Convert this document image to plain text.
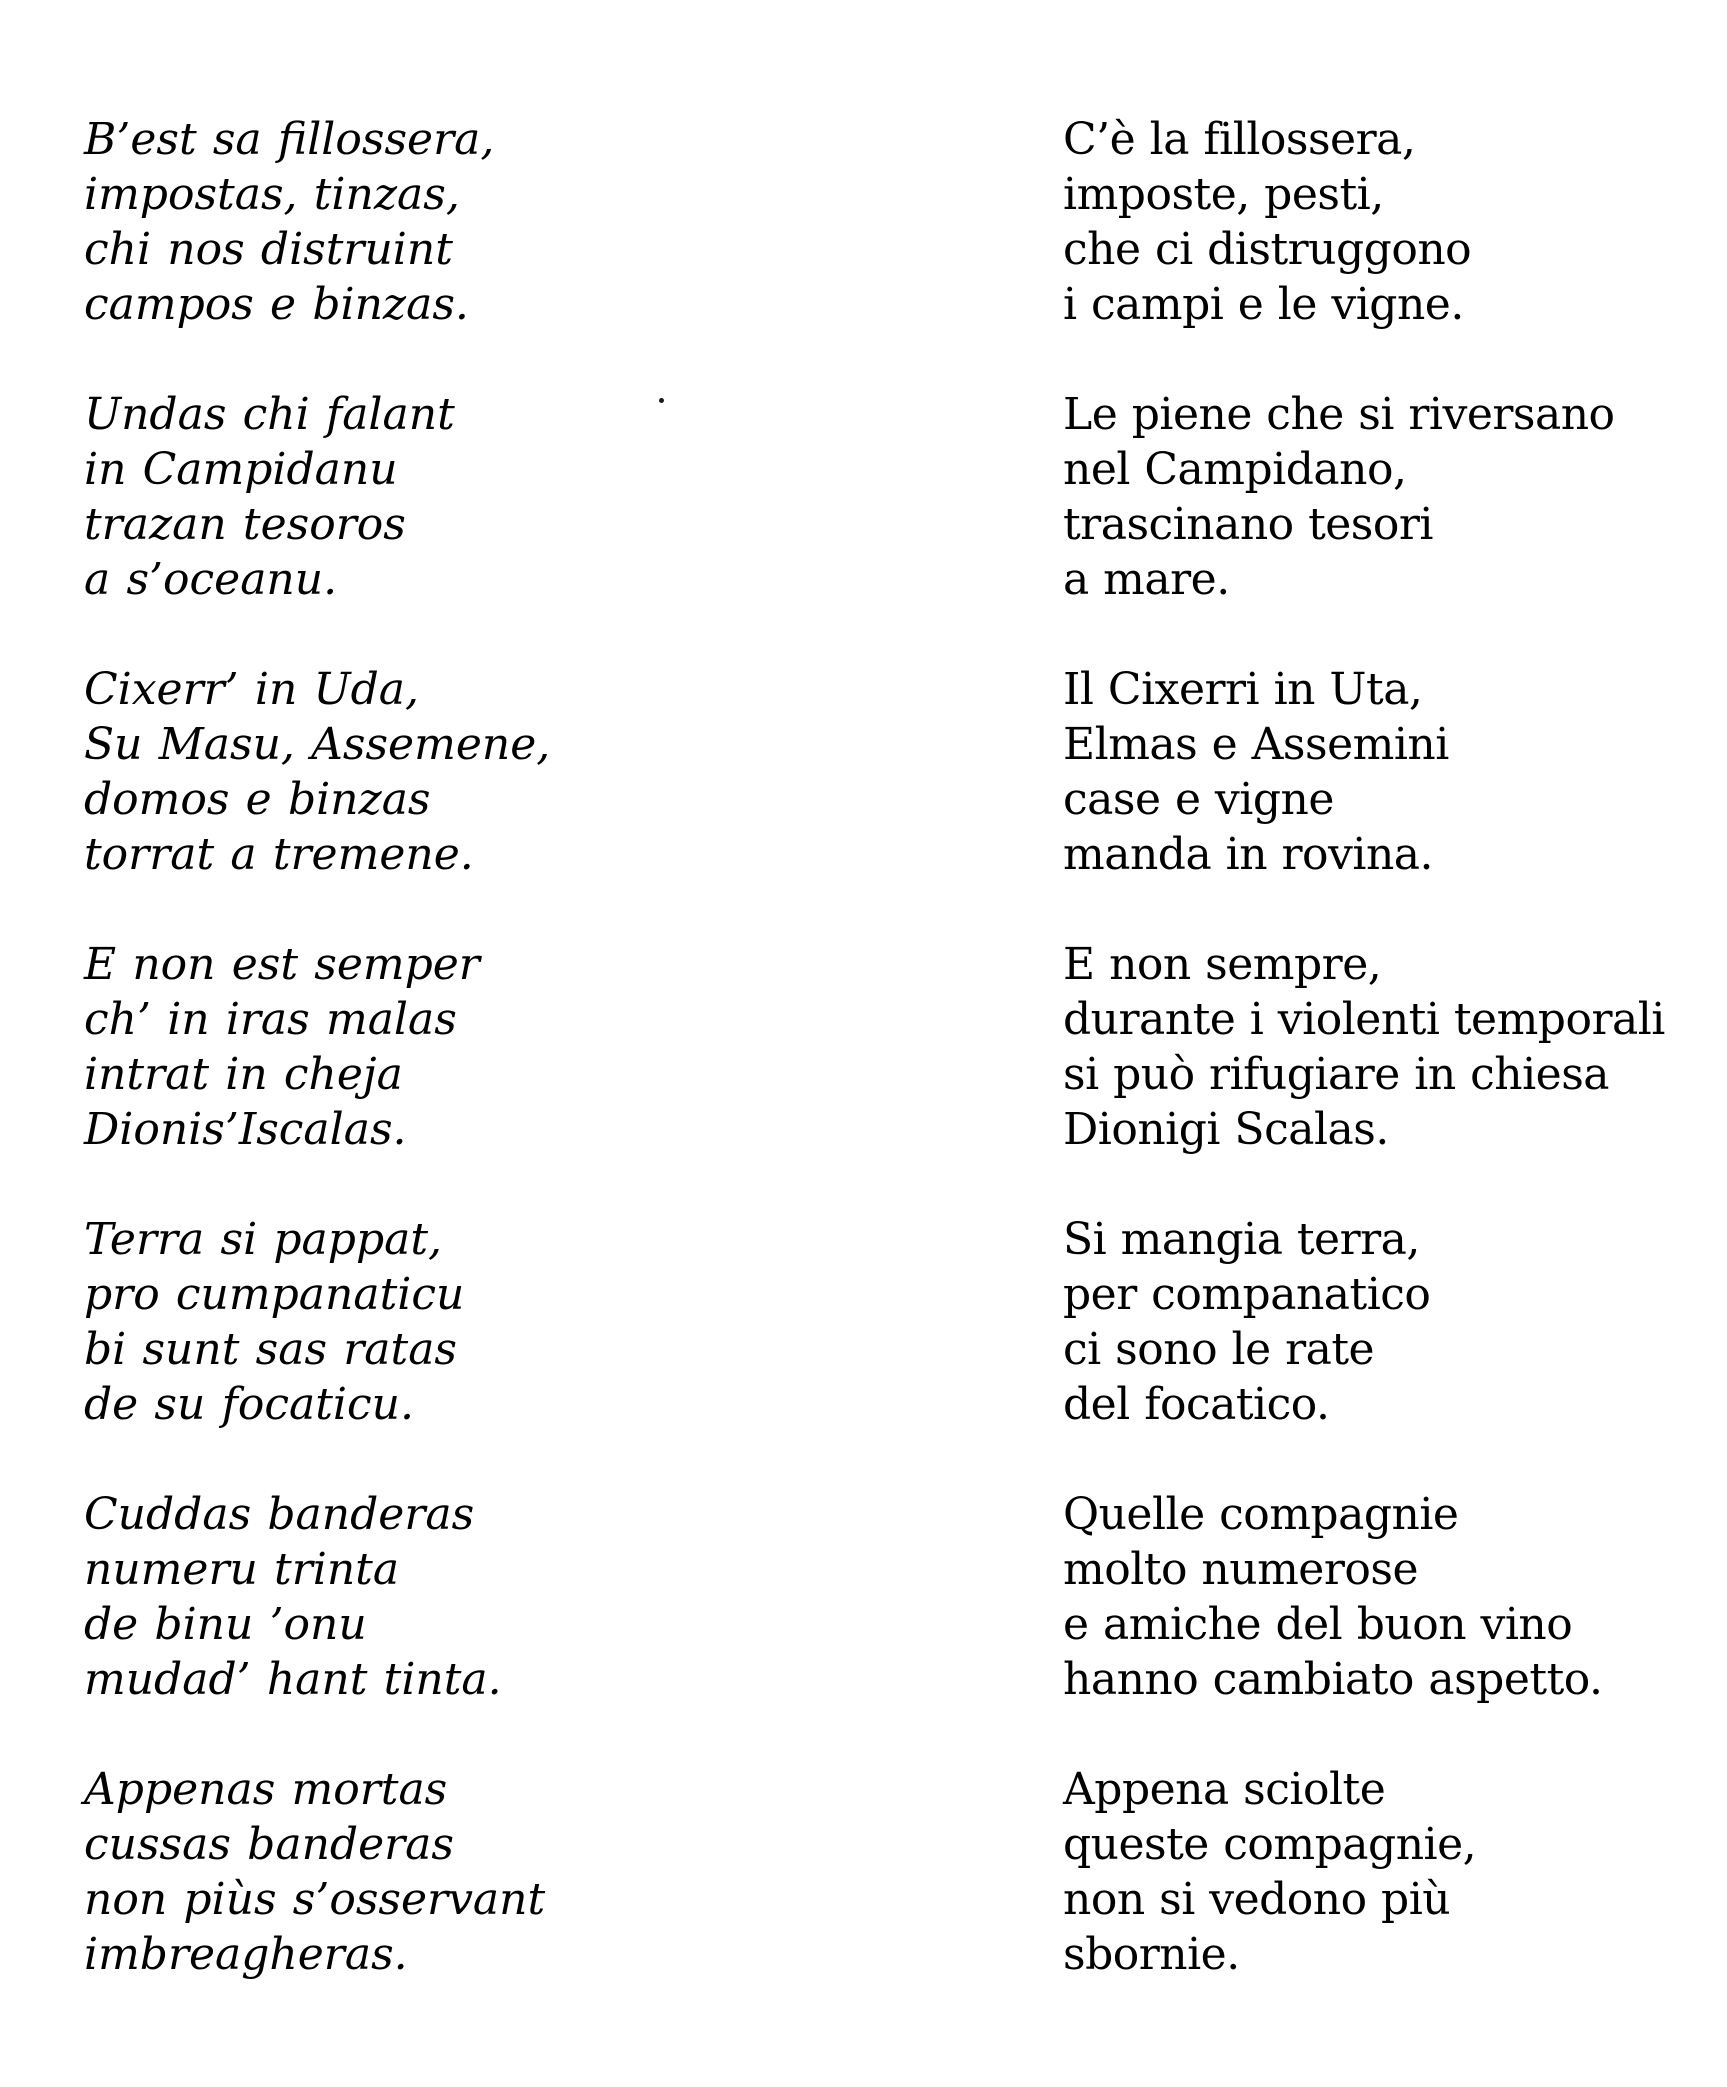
B’est sa fillossera,

impostas, tinzas,

chi nos distruint

campos e binzas.

Undas chi falant

in Campidanu

trazan tesoros

a s’oceanu.

Cixerr’ in Uda,

Su Masu, Assemene,

domos e binzas

torrat a tremene.

E non est semper

ch’ in iras malas

intrat in cheja

Dionis’Iscalas.

Terra si pappat,

pro cumpanaticu

bi sunt sas ratas

de su focaticu.

Cuddas banderas

numeru trinta

de binu ’onu

mudad’ hant tinta.

Appenas mortas

cussas banderas

non piùs s’osservant

imbreagheras.

C’è la fillossera,

imposte, pesti,

che ci distruggono

i campi e le vigne.

Le piene che si riversano

nel Campidano,

trascinano tesori

a mare.

Il Cixerri in Uta,

Elmas e Assemini

case e vigne

manda in rovina.

E non sempre,

durante i violenti temporali

si può rifugiare in chiesa

Dionigi Scalas.

Si mangia terra,

per companatico

ci sono le rate

del focatico.

Quelle compagnie

molto numerose

e amiche del buon vino

hanno cambiato aspetto.

Appena sciolte

queste compagnie,

non si vedono più

sbornie.
